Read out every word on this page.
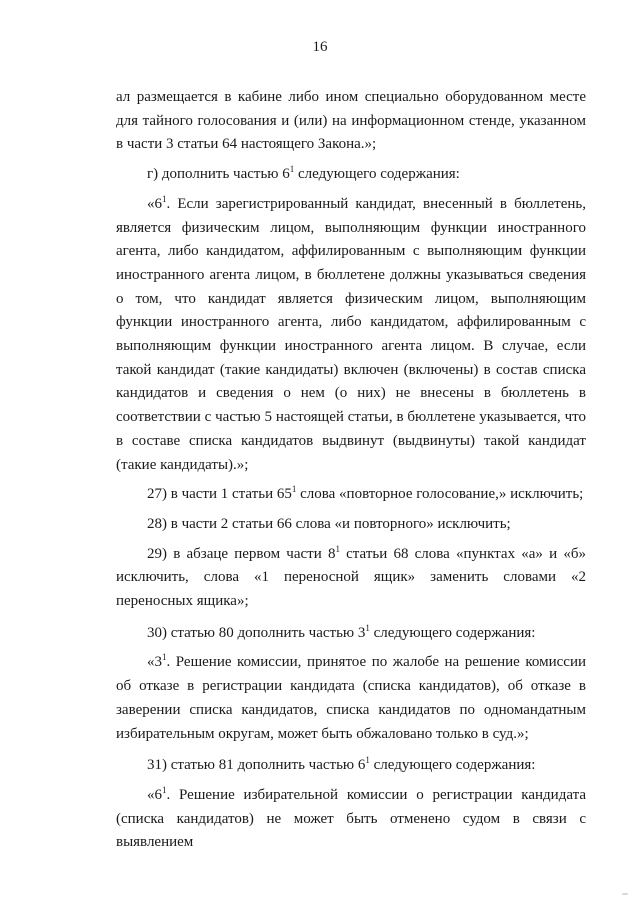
16

ал размещается в кабине либо ином специально оборудованном месте для тайного голосования и (или) на информационном стенде, указанном в части 3 статьи 64 настоящего Закона.»;

г) дополнить частью $6^1$ следующего содержания:

«$6^1$. Если зарегистрированный кандидат, внесенный в бюллетень, является физическим лицом, выполняющим функции иностранного агента, либо кандидатом, аффилированным с выполняющим функции иностранного агента лицом, в бюллетене должны указываться сведения о том, что кандидат является физическим лицом, выполняющим функции иностранного агента, либо кандидатом, аффилированным с выполняющим функции иностранного агента лицом. В случае, если такой кандидат (такие кандидаты) включен (включены) в состав списка кандидатов и сведения о нем (о них) не внесены в бюллетень в соответствии с частью 5 настоящей статьи, в бюллетене указывается, что в составе списка кандидатов выдвинут (выдвинуты) такой кандидат (такие кандидаты).»;

27) в части 1 статьи $65^1$ слова «повторное голосование,» исключить;

28) в части 2 статьи 66 слова «и повторного» исключить;

29) в абзаце первом части $8^1$ статьи 68 слова «пунктах «а» и «б» исключить, слова «1 переносной ящик» заменить словами «2 переносных ящика»;

30) статью 80 дополнить частью $3^1$ следующего содержания:

«$3^1$. Решение комиссии, принятое по жалобе на решение комиссии об отказе в регистрации кандидата (списка кандидатов), об отказе в заверении списка кандидатов, списка кандидатов по одномандатным избирательным округам, может быть обжаловано только в суд.»;

31) статью 81 дополнить частью $6^1$ следующего содержания:

«$6^1$. Решение избирательной комиссии о регистрации кандидата (списка кандидатов) не может быть отменено судом в связи с выявлением
